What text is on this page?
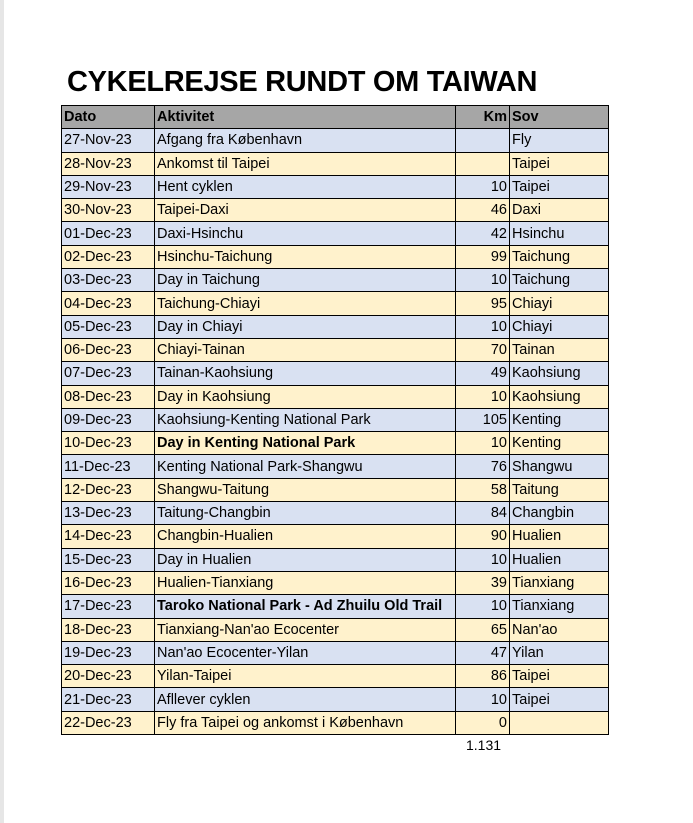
CYKELREJSE RUNDT OM TAIWAN
Dato	Aktivitet	Km	Sov
27-Nov-23	Afgang fra København		Fly
28-Nov-23	Ankomst til Taipei		Taipei
29-Nov-23	Hent cyklen	10	Taipei
30-Nov-23	Taipei-Daxi	46	Daxi
01-Dec-23	Daxi-Hsinchu	42	Hsinchu
02-Dec-23	Hsinchu-Taichung	99	Taichung
03-Dec-23	Day in Taichung	10	Taichung
04-Dec-23	Taichung-Chiayi	95	Chiayi
05-Dec-23	Day in Chiayi	10	Chiayi
06-Dec-23	Chiayi-Tainan	70	Tainan
07-Dec-23	Tainan-Kaohsiung	49	Kaohsiung
08-Dec-23	Day in Kaohsiung	10	Kaohsiung
09-Dec-23	Kaohsiung-Kenting National Park	105	Kenting
10-Dec-23	Day in Kenting National Park	10	Kenting
11-Dec-23	Kenting National Park-Shangwu	76	Shangwu
12-Dec-23	Shangwu-Taitung	58	Taitung
13-Dec-23	Taitung-Changbin	84	Changbin
14-Dec-23	Changbin-Hualien	90	Hualien
15-Dec-23	Day in Hualien	10	Hualien
16-Dec-23	Hualien-Tianxiang	39	Tianxiang
17-Dec-23	Taroko National Park - Ad Zhuilu Old Trail	10	Tianxiang
18-Dec-23	Tianxiang-Nan'ao Ecocenter	65	Nan'ao
19-Dec-23	Nan'ao Ecocenter-Yilan	47	Yilan
20-Dec-23	Yilan-Taipei	86	Taipei
21-Dec-23	Afllever cyklen	10	Taipei
22-Dec-23	Fly fra Taipei og ankomst i København	0	
1.131
